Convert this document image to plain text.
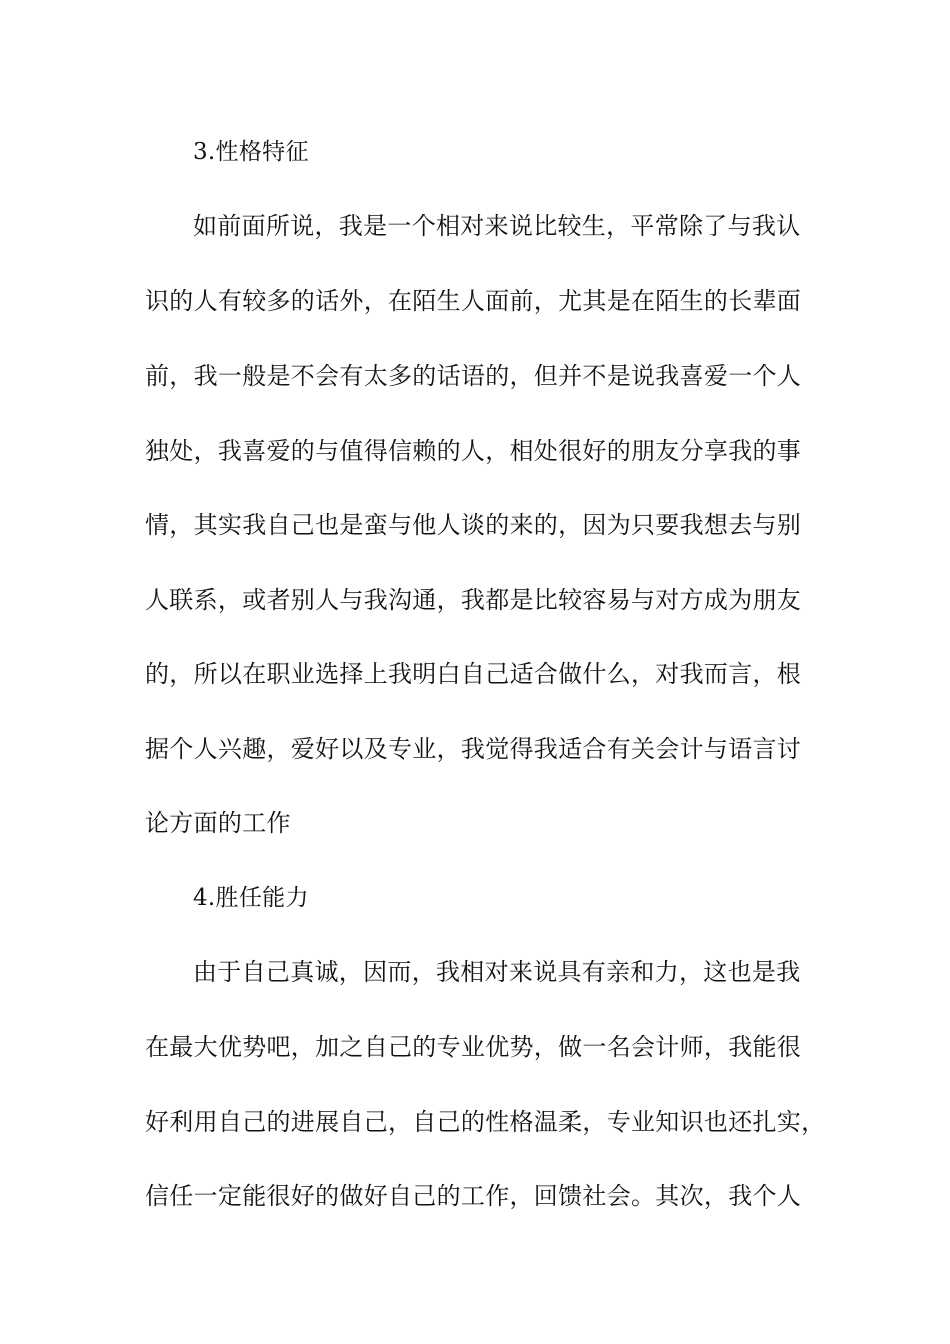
3.性格特征
如前面所说，我是一个相对来说比较生，平常除了与我认
识的人有较多的话外，在陌生人面前，尤其是在陌生的长辈面
前，我一般是不会有太多的话语的，但并不是说我喜爱一个人
独处，我喜爱的与值得信赖的人，相处很好的朋友分享我的事
情，其实我自己也是蛮与他人谈的来的，因为只要我想去与别
人联系，或者别人与我沟通，我都是比较容易与对方成为朋友
的，所以在职业选择上我明白自己适合做什么，对我而言，根
据个人兴趣，爱好以及专业，我觉得我适合有关会计与语言讨
论方面的工作
4.胜任能力
由于自己真诚，因而，我相对来说具有亲和力，这也是我
在最大优势吧，加之自己的专业优势，做一名会计师，我能很
好利用自己的进展自己，自己的性格温柔，专业知识也还扎实，
信任一定能很好的做好自己的工作，回馈社会。其次，我个人
